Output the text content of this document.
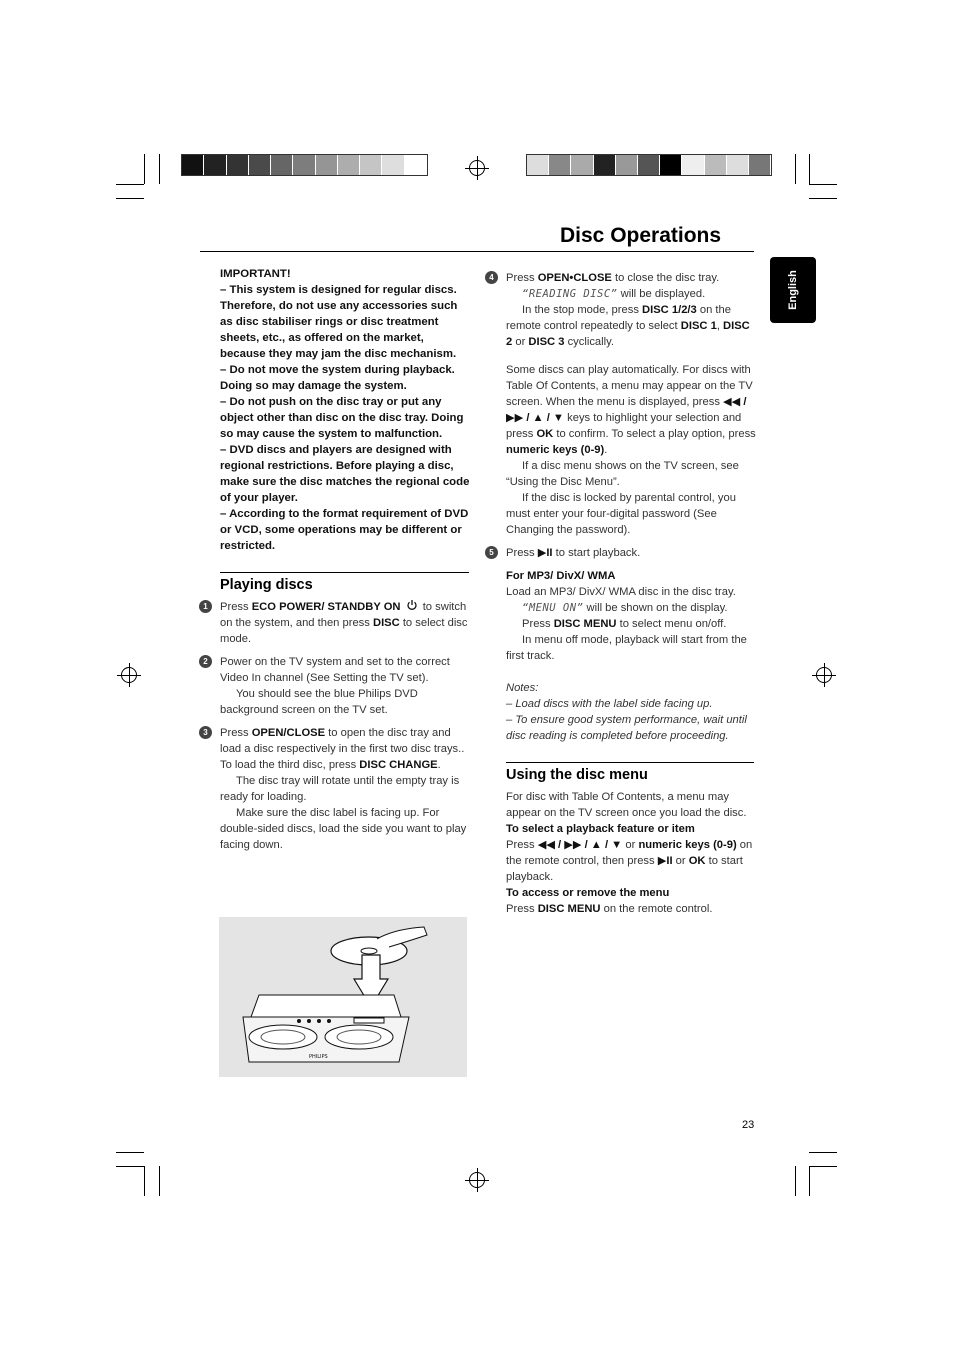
Disc Operations
English

IMPORTANT!

– This system is designed for regular discs. Therefore, do not use any accessories such as disc stabiliser rings or disc treatment sheets, etc., as offered on the market, because they may jam the disc mechanism.

– Do not move the system during playback. Doing so may damage the system.

– Do not push on the disc tray or put any object other than disc on the disc tray. Doing so may cause the system to malfunction.

– DVD discs and players are designed with regional restrictions. Before playing a disc, make sure the disc matches the regional code of your player.

– According to the format requirement of DVD or VCD, some operations may be different or restricted.

Playing discs
1	Press ECO POWER/ STANDBY ON  to switch on the system, and then press DISC to select disc mode.

2	Power on the TV system and set to the correct Video In channel (See Setting the TV set).

You should see the blue Philips DVD background screen on the TV set.

3	Press OPEN/CLOSE to open the disc tray and load a disc respectively in the first two disc trays.. To load the third disc, press DISC CHANGE.

The disc tray will rotate until the empty tray is ready for loading.

Make sure the disc label is facing up. For double-sided discs, load the side you want to play facing down.

PHILIPS
4	Press OPEN•CLOSE to close the disc tray.

“READING DISC” will be displayed.

In the stop mode, press DISC 1/2/3 on the remote control repeatedly to select DISC 1, DISC 2 or DISC 3 cyclically.

Some discs can play automatically. For discs with Table Of Contents, a menu may appear on the TV screen. When the menu is displayed, press ◀◀ / ▶▶ / ▲ / ▼ keys to highlight your selection and press OK to confirm. To select a play option, press numeric keys (0-9).

If a disc menu shows on the TV screen, see “Using the Disc Menu”.

If the disc is locked by parental control, you must enter your four-digital password (See Changing the password).

5	Press ▶II to start playback.

For MP3/ DivX/ WMA

Load an MP3/ DivX/ WMA disc in the disc tray.

“MENU ON” will be shown on the display.

Press DISC MENU to select menu on/off.

In menu off mode, playback will start from the first track.

Notes:

– Load discs with the label side facing up.

– To ensure good system performance, wait until disc reading is completed before proceeding.

Using the disc menu

For disc with Table Of Contents, a menu may appear on the TV screen once you load the disc.

To select a playback feature or item

Press ◀◀ / ▶▶ / ▲ / ▼ or numeric keys (0-9) on the remote control, then press ▶II or OK to start playback.

To access or remove the menu

Press DISC MENU on the remote control.

23
